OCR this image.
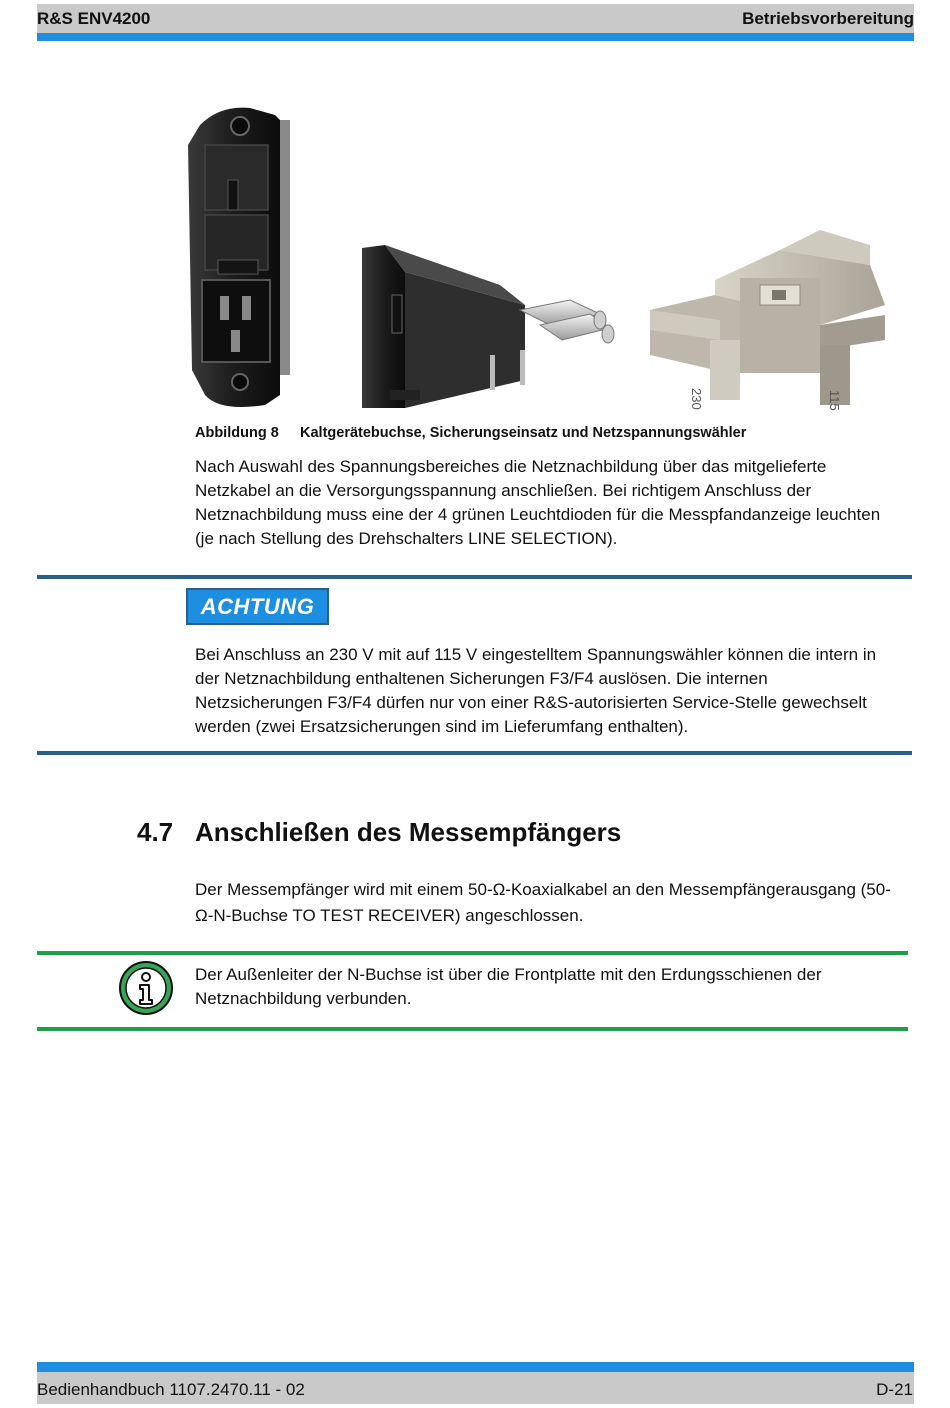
R&S ENV4200	Betriebsvorbereitung
230	115
Abbildung 8 Kaltgerätebuchse, Sicherungseinsatz und Netzspannungswähler

Nach Auswahl des Spannungsbereiches die Netznachbildung über das mitgelieferte Netzkabel an die Versorgungsspannung anschließen. Bei richtigem Anschluss der Netznachbildung muss eine der 4 grünen Leuchtdioden für die Messpfandanzeige leuchten (je nach Stellung des Drehschalters LINE SELECTION).

ACHTUNG

Bei Anschluss an 230 V mit auf 115 V eingestelltem Spannungswähler können die intern in der Netznachbildung enthaltenen Sicherungen F3/F4 auslösen. Die internen Netzsicherungen F3/F4 dürfen nur von einer R&S-autorisierten Service-Stelle gewechselt werden (zwei Ersatzsicherungen sind im Lieferumfang enthalten).

4.7 Anschließen des Messempfängers

Der Messempfänger wird mit einem 50-Ω-Koaxialkabel an den Messempfängerausgang (50-Ω-N-Buchse TO TEST RECEIVER) angeschlossen.

Der Außenleiter der N-Buchse ist über die Frontplatte mit den Erdungsschienen der Netznachbildung verbunden.

Bedienhandbuch 1107.2470.11 - 02	D-21
